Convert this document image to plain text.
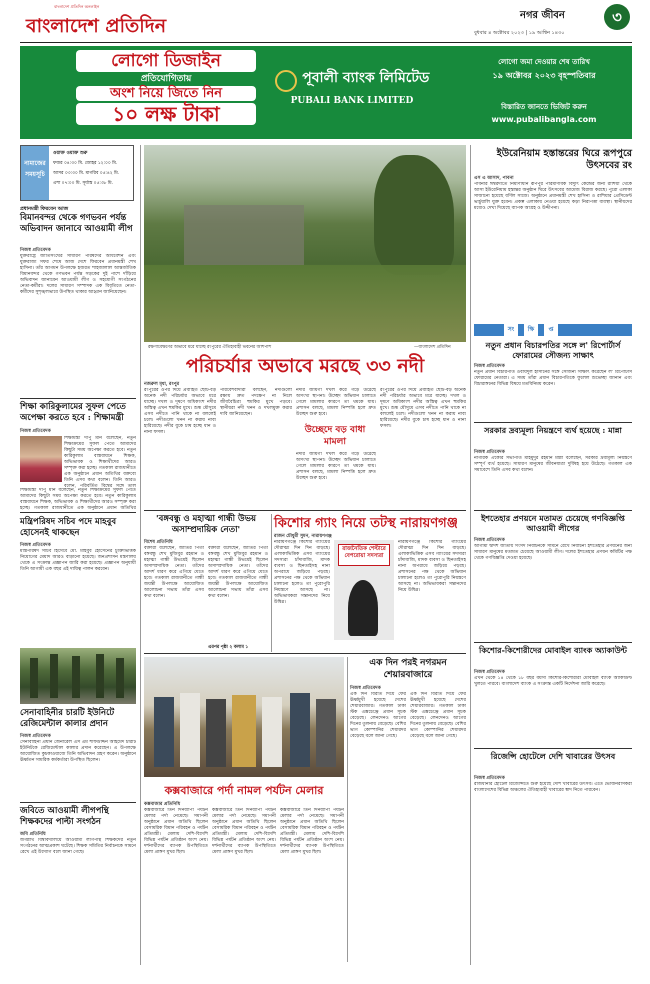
বাংলাদেশ প্রতিদিন অনলাইন
বাংলাদেশ প্রতিদিন	নগর জীবন	৩
বুধবার ৪ অক্টোবর ২০২৩ | ১৯ আশ্বিন ১৪৩০
লোগো ডিজাইন
প্রতিযোগিতায়
অংশ নিয়ে জিতে নিন
১০ লক্ষ টাকা
পূবালী ব্যাংক লিমিটেড
PUBALI BANK LIMITED
লোগো জমা দেওয়ার শেষ তারিখ
১৯ অক্টোবর ২০২৩ বৃহস্পতিবার
বিস্তারিত জানতে ভিজিট করুন
www.pubalibangla.com
নামাজের সময়সূচি
ওয়াক্ত ওয়াক্ত শুরু
ফজর ০৪:৩০ মি. জোহর ১২:০০ মি.
আসর ০৩:৩০ মি. মাগরিব ০৫:৪২ মি.
এশা ০৭:০০ মি. সূর্যাস্ত ০৫:৩৮ মি.
প্রধানমন্ত্রী ফিরবেন আজ
বিমানবন্দর থেকে গণভবন পর্যন্ত অভিবাদন জানাবে আওয়ামী লীগ
নিজস্ব প্রতিবেদক
যুক্তরাষ্ট্রে জাতিসংঘের সাধারণ পরিষদের অধিবেশন এবং যুক্তরাজ্য সফর শেষে আজ দেশে ফিরবেন প্রধানমন্ত্রী শেখ হাসিনা। তাঁর আগমন উপলক্ষে হজরত শাহজালাল আন্তর্জাতিক বিমানবন্দর থেকে গণভবন পর্যন্ত সড়কের দুই পাশে দাঁড়িয়ে অভিবাদন জানাবেন আওয়ামী লীগ ও সহযোগী সংগঠনের নেতা-কর্মীরা। দলের সাধারণ সম্পাদক এক বিবৃতিতে নেতা-কর্মীদের সুশৃঙ্খলভাবে উপস্থিত থাকার আহ্বান জানিয়েছেন।
শিক্ষা কারিকুলামের সুফল পেতে অপেক্ষা করতে হবে : শিক্ষামন্ত্রী
নিজস্ব প্রতিবেদক
শিক্ষামন্ত্রী দীপু মনি বলেছেন, নতুন শিক্ষাক্রমের সুফল পেতে আমাদের কিছুটা সময় অপেক্ষা করতে হবে। নতুন কারিকুলাম বাস্তবায়নে শিক্ষক, অভিভাবক ও শিক্ষার্থীদের আরও সম্পৃক্ত করা হচ্ছে। গতকাল রাজধানীতে এক অনুষ্ঠানে প্রধান অতিথির বক্তব্যে তিনি এসব কথা বলেন। তিনি আরও বলেন, পরিবর্তিত বিশ্বের সঙ্গে তাল
শিক্ষামন্ত্রী দীপু মনি বলেছেন, নতুন শিক্ষাক্রমের সুফল পেতে আমাদের কিছুটা সময় অপেক্ষা করতে হবে। নতুন কারিকুলাম বাস্তবায়নে শিক্ষক, অভিভাবক ও শিক্ষার্থীদের আরও সম্পৃক্ত করা হচ্ছে। গতকাল রাজধানীতে এক অনুষ্ঠানে প্রধান অতিথির
মন্ত্রিপরিষদ সচিব পদে মাহবুব হোসেনই থাকছেন
নিজস্ব প্রতিবেদক
মন্ত্রিপরিষদ সচিব হিসেবে মো. মাহবুব হোসেনের চুক্তিভিত্তিক নিয়োগের মেয়াদ আরও বাড়ানো হয়েছে। জনপ্রশাসন মন্ত্রণালয় থেকে এ সংক্রান্ত প্রজ্ঞাপন জারি করা হয়েছে। প্রজ্ঞাপন অনুযায়ী তিনি আগামী এক বছর এই দায়িত্ব পালন করবেন।
সেনাবাহিনীর চারটি ইউনিটে রেজিমেন্টাল কালার প্রদান
নিজস্ব প্রতিবেদক
সেনাবাহিনী প্রধান জেনারেল এস এম শফিউদ্দিন আহমেদ চারটি ইউনিটকে রেজিমেন্টাল কালার প্রদান করেছেন। এ উপলক্ষে আয়োজিত কুচকাওয়াজে তিনি অভিবাদন গ্রহণ করেন। অনুষ্ঠানে ঊর্ধ্বতন সামরিক কর্মকর্তারা উপস্থিত ছিলেন।
জবিতে আওয়ামী লীগপন্থি শিক্ষকদের পাল্টা সংগঠন
জবি প্রতিনিধি
জগন্নাথ বিশ্ববিদ্যালয়ে আওয়ামী লীগপন্থি শিক্ষকদের নতুন সংগঠনের আত্মপ্রকাশ ঘটেছে। শিক্ষক সমিতির নির্বাচনকে সামনে রেখে এই উদ্যোগ বলে জানা গেছে।
রক্ষণাবেক্ষণের অভাবে মরে যাচ্ছে রংপুরের ঐতিহ্যবাহী ভবনের আশপাশ	—বাংলাদেশ প্রতিদিন
পরিচর্যার অভাবে মরছে ৩৩ নদী
নজরুল মৃধা, রংপুর
রংপুরের ওপর দিয়ে প্রবাহিত ছোট-বড় অনেক নদী পরিচর্যার অভাবে মরে যাচ্ছে। দখল ও দূষণে অধিকাংশ নদীর অস্তিত্ব এখন হুমকির মুখে। শুষ্ক মৌসুমে এসব নদীতে পানি থাকে না বললেই চলে। নদীগুলো খনন না করায় নাব্য হারিয়েছে। নদীর বুকে চাষ হচ্ছে ধান ও নানা ফসল।
পরিবেশবাদীরা বলছেন, নদীগুলো রক্ষায় দ্রুত পদক্ষেপ না নিলে জীববৈচিত্র্য হুমকির মুখে পড়বে। স্থানীয়রা নদী খনন ও দখলমুক্ত করার দাবি জানিয়েছেন।
নদীর জায়গা দখল করে গড়ে উঠেছে অসংখ্য স্থাপনা। উচ্ছেদ অভিযান চালাতে গেলে মামলার কারণে তা থমকে যায়। প্রশাসন বলছে, মামলা নিষ্পত্তি হলে দ্রুত উচ্ছেদ শুরু হবে।
উচ্ছেদে বড় বাধা মামলা
নদীর জায়গা দখল করে গড়ে উঠেছে অসংখ্য স্থাপনা। উচ্ছেদ অভিযান চালাতে গেলে মামলার কারণে তা থমকে যায়। প্রশাসন বলছে, মামলা নিষ্পত্তি হলে দ্রুত উচ্ছেদ শুরু হবে।
রংপুরের ওপর দিয়ে প্রবাহিত ছোট-বড় অনেক নদী পরিচর্যার অভাবে মরে যাচ্ছে। দখল ও দূষণে অধিকাংশ নদীর অস্তিত্ব এখন হুমকির মুখে। শুষ্ক মৌসুমে এসব নদীতে পানি থাকে না বললেই চলে। নদীগুলো খনন না করায় নাব্য হারিয়েছে। নদীর বুকে চাষ হচ্ছে ধান ও নানা ফসল।
'বঙ্গবন্ধু ও মহাত্মা গান্ধী উভয় অসাম্প্রদায়িক নেতা'
বিশেষ প্রতিনিধি
বক্তারা বলেছেন, জাতির পিতা বঙ্গবন্ধু শেখ মুজিবুর রহমান ও মহাত্মা গান্ধী উভয়েই ছিলেন অসাম্প্রদায়িক নেতা। তাঁদের আদর্শ ধারণ করে এগিয়ে যেতে হবে। গতকাল রাজধানীতে গান্ধী জয়ন্তী উপলক্ষে আয়োজিত আলোচনা সভায় তাঁরা এসব কথা বলেন।
বক্তারা বলেছেন, জাতির পিতা বঙ্গবন্ধু শেখ মুজিবুর রহমান ও মহাত্মা গান্ধী উভয়েই ছিলেন অসাম্প্রদায়িক নেতা। তাঁদের আদর্শ ধারণ করে এগিয়ে যেতে হবে। গতকাল রাজধানীতে গান্ধী জয়ন্তী উপলক্ষে আয়োজিত আলোচনা সভায় তাঁরা এসব কথা বলেন।
এরপর পৃষ্ঠা ২ কলাম ১
কিশোর গ্যাং নিয়ে তটস্থ নারায়ণগঞ্জ
রাজন চৌধুরী সুমন, নারায়ণগঞ্জ
নারায়ণগঞ্জে কিশোর গ্যাংয়ের দৌরাত্ম্য দিন দিন বাড়ছে। এলাকাভিত্তিক এসব গ্যাংয়ের সদস্যরা চাঁদাবাজি, মাদক ব্যবসা ও ছিনতাইসহ নানা অপরাধে জড়িয়ে পড়ছে। প্রশাসনের পক্ষ থেকে অভিযান চালানো হলেও তা পুরোপুরি নিয়ন্ত্রণে আসছে না। অভিভাবকরা সন্তানদের নিয়ে উদ্বিগ্ন।
রাজনৈতিক শেল্টারে বেপরোয়া সদস্যরা
নারায়ণগঞ্জে কিশোর গ্যাংয়ের দৌরাত্ম্য দিন দিন বাড়ছে। এলাকাভিত্তিক এসব গ্যাংয়ের সদস্যরা চাঁদাবাজি, মাদক ব্যবসা ও ছিনতাইসহ নানা অপরাধে জড়িয়ে পড়ছে। প্রশাসনের পক্ষ থেকে অভিযান চালানো হলেও তা পুরোপুরি নিয়ন্ত্রণে আসছে না। অভিভাবকরা সন্তানদের নিয়ে উদ্বিগ্ন।
এক দিন পরই নগরমন শেয়ারবাজারে
নিজস্ব প্রতিবেদক
এক দিন বিরতি দিয়ে ফের ঊর্ধ্বমুখী হয়েছে দেশের শেয়ারবাজার। গতকাল ঢাকা স্টক এক্সচেঞ্জে প্রধান সূচক বেড়েছে। লেনদেনও আগের দিনের তুলনায় বেড়েছে। বেশির ভাগ কোম্পানির শেয়ারদর বেড়েছে বলে জানা গেছে।
এক দিন বিরতি দিয়ে ফের ঊর্ধ্বমুখী হয়েছে দেশের শেয়ারবাজার। গতকাল ঢাকা স্টক এক্সচেঞ্জে প্রধান সূচক বেড়েছে। লেনদেনও আগের দিনের তুলনায় বেড়েছে। বেশির ভাগ কোম্পানির শেয়ারদর বেড়েছে বলে জানা গেছে।
কক্সবাজারে পর্দা নামল পর্যটন মেলার
কক্সবাজার প্রতিনিধি
কক্সবাজারে তিন দিনব্যাপী পর্যটন মেলার পর্দা নেমেছে। সমাপনী অনুষ্ঠানে প্রধান অতিথি ছিলেন বেসামরিক বিমান পরিবহন ও পর্যটন প্রতিমন্ত্রী। মেলায় দেশি-বিদেশি বিভিন্ন পর্যটন প্রতিষ্ঠান অংশ নেয়। দর্শনার্থীদের ব্যাপক উপস্থিতিতে মেলা প্রাঙ্গণ মুখর ছিল।
কক্সবাজারে তিন দিনব্যাপী পর্যটন মেলার পর্দা নেমেছে। সমাপনী অনুষ্ঠানে প্রধান অতিথি ছিলেন বেসামরিক বিমান পরিবহন ও পর্যটন প্রতিমন্ত্রী। মেলায় দেশি-বিদেশি বিভিন্ন পর্যটন প্রতিষ্ঠান অংশ নেয়। দর্শনার্থীদের ব্যাপক উপস্থিতিতে মেলা প্রাঙ্গণ মুখর ছিল।
কক্সবাজারে তিন দিনব্যাপী পর্যটন মেলার পর্দা নেমেছে। সমাপনী অনুষ্ঠানে প্রধান অতিথি ছিলেন বেসামরিক বিমান পরিবহন ও পর্যটন প্রতিমন্ত্রী। মেলায় দেশি-বিদেশি বিভিন্ন পর্যটন প্রতিষ্ঠান অংশ নেয়। দর্শনার্থীদের ব্যাপক উপস্থিতিতে মেলা প্রাঙ্গণ মুখর ছিল।
ইউরেনিয়াম হস্তান্তরের ঘিরে রূপপুরে উৎসবের রং
এস এ আসাদ, পাবনা
পাবনার ঈশ্বরদীতে নির্মাণাধীন রূপপুর পারমাণবিক বিদ্যুৎ কেন্দ্রের জন্য রাশিয়া থেকে আসা ইউরেনিয়াম হস্তান্তর অনুষ্ঠান ঘিরে উৎসবের আমেজ বিরাজ করছে। পুরো এলাকা সাজানো হয়েছে বর্ণিল সাজে। অনুষ্ঠানে প্রধানমন্ত্রী শেখ হাসিনা ও রাশিয়ার প্রেসিডেন্ট ভার্চুয়ালি যুক্ত হবেন। প্রকল্প এলাকায় নেওয়া হয়েছে কড়া নিরাপত্তা ব্যবস্থা। স্থানীয়দের মধ্যেও দেখা দিয়েছে ব্যাপক আগ্রহ ও উদ্দীপনা।
সং	ক্ষি	প্ত
নতুন প্রধান বিচারপতির সঙ্গে ল' রিপোর্টার্স ফোরামের সৌজন্য সাক্ষাৎ
নিজস্ব প্রতিবেদক
নতুন প্রধান বিচারপতি ওবায়দুল হাসানের সঙ্গে সৌজন্য সাক্ষাৎ করেছেন ল' রিপোর্টার্স ফোরামের নেতারা। এ সময় তাঁরা প্রধান বিচারপতিকে ফুলেল শুভেচ্ছা জানান এবং বিচারাঙ্গনের বিভিন্ন বিষয়ে মতবিনিময় করেন।
সরকার দ্রব্যমূল্য নিয়ন্ত্রণে ব্যর্থ হয়েছে : মান্না
নিজস্ব প্রতিবেদক
নাগরিক ঐক্যের সভাপতি মাহমুদুর রহমান মান্না বলেছেন, সরকার দ্রব্যমূল্য নিয়ন্ত্রণে সম্পূর্ণ ব্যর্থ হয়েছে। সাধারণ মানুষের জীবনযাত্রা দুর্বিষহ হয়ে উঠেছে। গতকাল এক সমাবেশে তিনি এসব কথা বলেন।
ইশতেহার প্রণয়নে মতামত চেয়েছে গণবিজ্ঞপ্তি আওয়ামী লীগের
নিজস্ব প্রতিবেদক
আগামী দ্বাদশ জাতীয় সংসদ নির্বাচনকে সামনে রেখে নির্বাচনী ইশতেহার প্রণয়নের জন্য সাধারণ মানুষের মতামত চেয়েছে আওয়ামী লীগ। দলের ইশতেহার প্রণয়ন কমিটির পক্ষ থেকে গণবিজ্ঞপ্তি দেওয়া হয়েছে।
কিশোর-কিশোরীদের মোবাইল ব্যাংক অ্যাকাউন্ট
নিজস্ব প্রতিবেদক
এখন থেকে ১৪ থেকে ১৮ বছর বয়সী কিশোর-কিশোরীরা মোবাইল ব্যাংক অ্যাকাউন্ট খুলতে পারবে। বাংলাদেশ ব্যাংক এ সংক্রান্ত একটি নির্দেশনা জারি করেছে।
রিজেন্সি হোটেলে দেশি খাবারের উৎসব
নিজস্ব প্রতিবেদক
রাজধানীর হোটেল রিজেন্সিতে শুরু হয়েছে দেশি খাবারের উৎসব। এতে ভোজনরসিকরা বাংলাদেশের বিভিন্ন অঞ্চলের ঐতিহ্যবাহী খাবারের স্বাদ নিতে পারবেন।
